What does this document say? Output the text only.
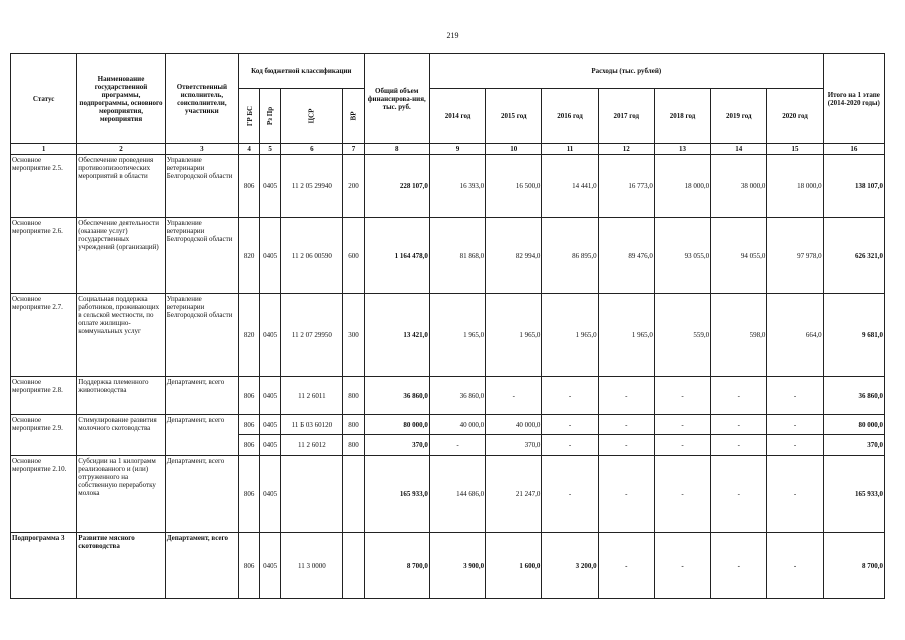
219
Статус	Наименование государственной программы, подпрограммы, основного мероприятия, мероприятия	Ответственный исполнитель, соисполнители, участники	Код бюджетной классификации				Общий объем финансирова-ния, тыс. руб.	Расходы (тыс. рублей)							Итого на 1 этапе (2014-2020 годы)
			ГР БС	Рз Пр	ЦСР	ВР		2014 год	2015 год	2016 год	2017 год	2018 год	2019 год	2020 год	
1	2	3	4	5	6	7	8	9	10	11	12	13	14	15	16
Основное мероприятие 2.5.	Обеспечение проведения противоэпизоотических мероприятий в области	Управление ветеринарии Белгородской области	806	0405	11 2 05 29940	200	228 107,0	16 393,0	16 500,0	14 441,0	16 773,0	18 000,0	38 000,0	18 000,0	138 107,0
Основное мероприятие 2.6.	Обеспечение деятельности (оказание услуг) государственных учреждений (организаций)	Управление ветеринарии Белгородской области	820	0405	11 2 06 00590	600	1 164 478,0	81 868,0	82 994,0	86 895,0	89 476,0	93 055,0	94 055,0	97 978,0	626 321,0
Основное мероприятие 2.7.	Социальная поддержка работников, проживающих в сельской местности, по оплате жилищно-коммунальных услуг	Управление ветеринарии Белгородской области	820	0405	11 2 07 29950	300	13 421,0	1 965,0	1 965,0	1 965,0	1 965,0	559,0	598,0	664,0	9 681,0
Основное мероприятие 2.8.	Поддержка племенного животноводства	Департамент, всего	806	0405	11 2 6011	800	36 860,0	36 860,0	-	-	-	-	-	-	36 860,0
Основное мероприятие 2.9.	Стимулирование развития молочного скотоводства	Департамент, всего	806	0405	11 Б 03 60120	800	80 000,0	40 000,0	40 000,0	-	-	-	-	-	80 000,0
			806	0405	11 2 6012	800	370,0	-	370,0	-	-	-	-	-	370,0
Основное мероприятие 2.10.	Субсидии на 1 килограмм реализованного и (или) отгруженного на собственную переработку молока	Департамент, всего	806	0405			165 933,0	144 686,0	21 247,0	-	-	-	-	-	165 933,0
Подпрограмма 3	Развитие мясного скотоводства	Департамент, всего	806	0405	11 3 0000		8 700,0	3 900,0	1 600,0	3 200,0	-	-	-	-	8 700,0
